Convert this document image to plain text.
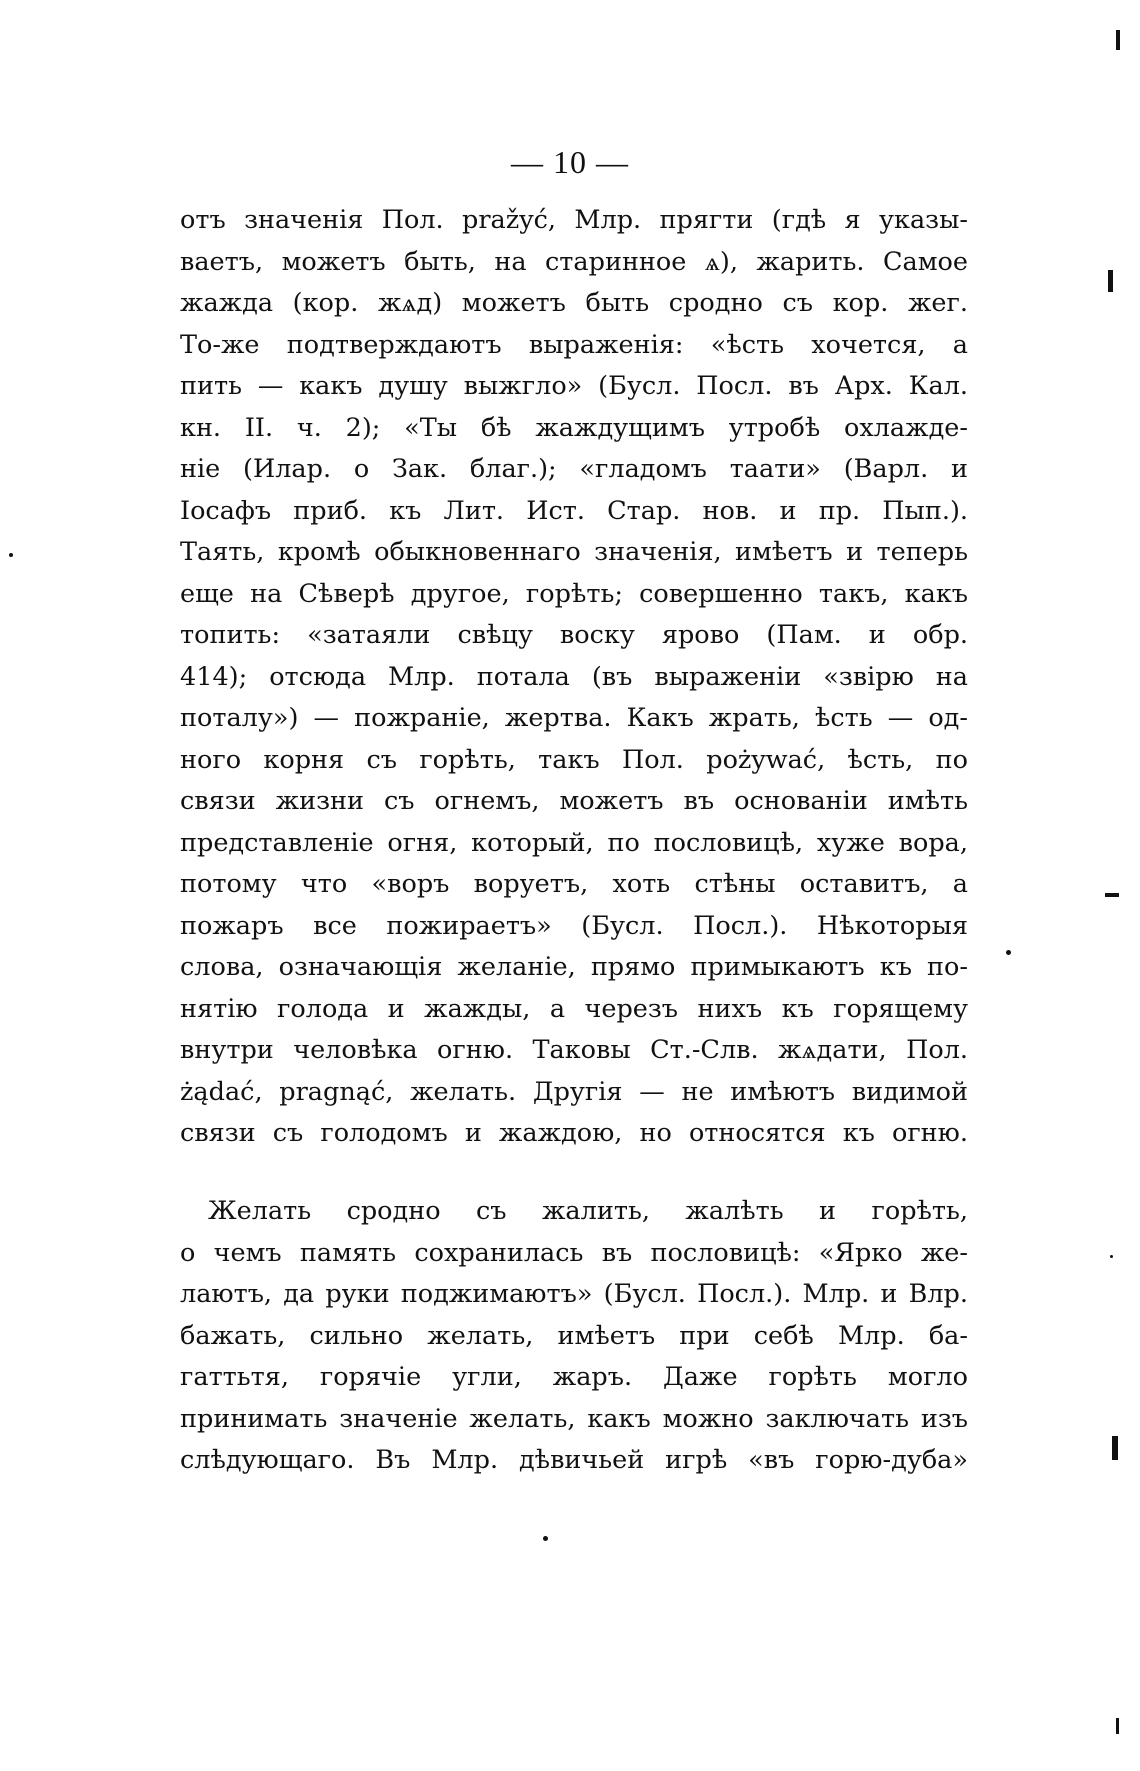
— 10 —
отъ значенія Пол. pražyć, Млр. прягти (гдѣ я указы-
ваетъ, можетъ быть, на старинное ѧ), жарить. Самое
жажда (кор. жѧд) можетъ быть сродно съ кор. жег.
То-же подтверждаютъ выраженія: «ѣсть хочется, а
пить — какъ душу выжгло» (Бусл. Посл. въ Арх. Кал.
кн. II. ч. 2); «Ты бѣ жаждущимъ утробѣ охлажде-
ніе (Илар. о Зак. благ.); «гладомъ таати» (Варл. и
Іосафъ приб. къ Лит. Ист. Стар. нов. и пр. Пып.).
Таять, кромѣ обыкновеннаго значенія, имѣетъ и теперь
еще на Сѣверѣ другое, горѣть; совершенно такъ, какъ
топить: «затаяли свѣцу воску ярово (Пам. и обр.
414); отсюда Млр. потала (въ выраженіи «звірю на
поталу») — пожраніе, жертва. Какъ жрать, ѣсть — од-
ного корня съ горѣть, такъ Пол. pożywać, ѣсть, по
связи жизни съ огнемъ, можетъ въ основаніи имѣть
представленіе огня, который, по пословицѣ, хуже вора,
потому что «воръ воруетъ, хоть стѣны оставитъ, а
пожаръ все пожираетъ» (Бусл. Посл.). Нѣкоторыя
слова, означающія желаніе, прямо примыкаютъ къ по-
нятію голода и жажды, а черезъ нихъ къ горящему
внутри человѣка огню. Таковы Ст.-Слв. жѧдати, Пол.
żądać, pragnąć, желать. Другія — не имѣютъ видимой
связи съ голодомъ и жаждою, но относятся къ огню.
Желать сродно съ жалить, жалѣть и горѣть,
о чемъ память сохранилась въ пословицѣ: «Ярко же-
лаютъ, да руки поджимаютъ» (Бусл. Посл.). Млр. и Влр.
бажать, сильно желать, имѣетъ при себѣ Млр. ба-
гаттьтя, горячіе угли, жаръ. Даже горѣть могло
принимать значеніе желать, какъ можно заключать изъ
слѣдующаго. Въ Млр. дѣвичьей игрѣ «въ горю-дуба»
